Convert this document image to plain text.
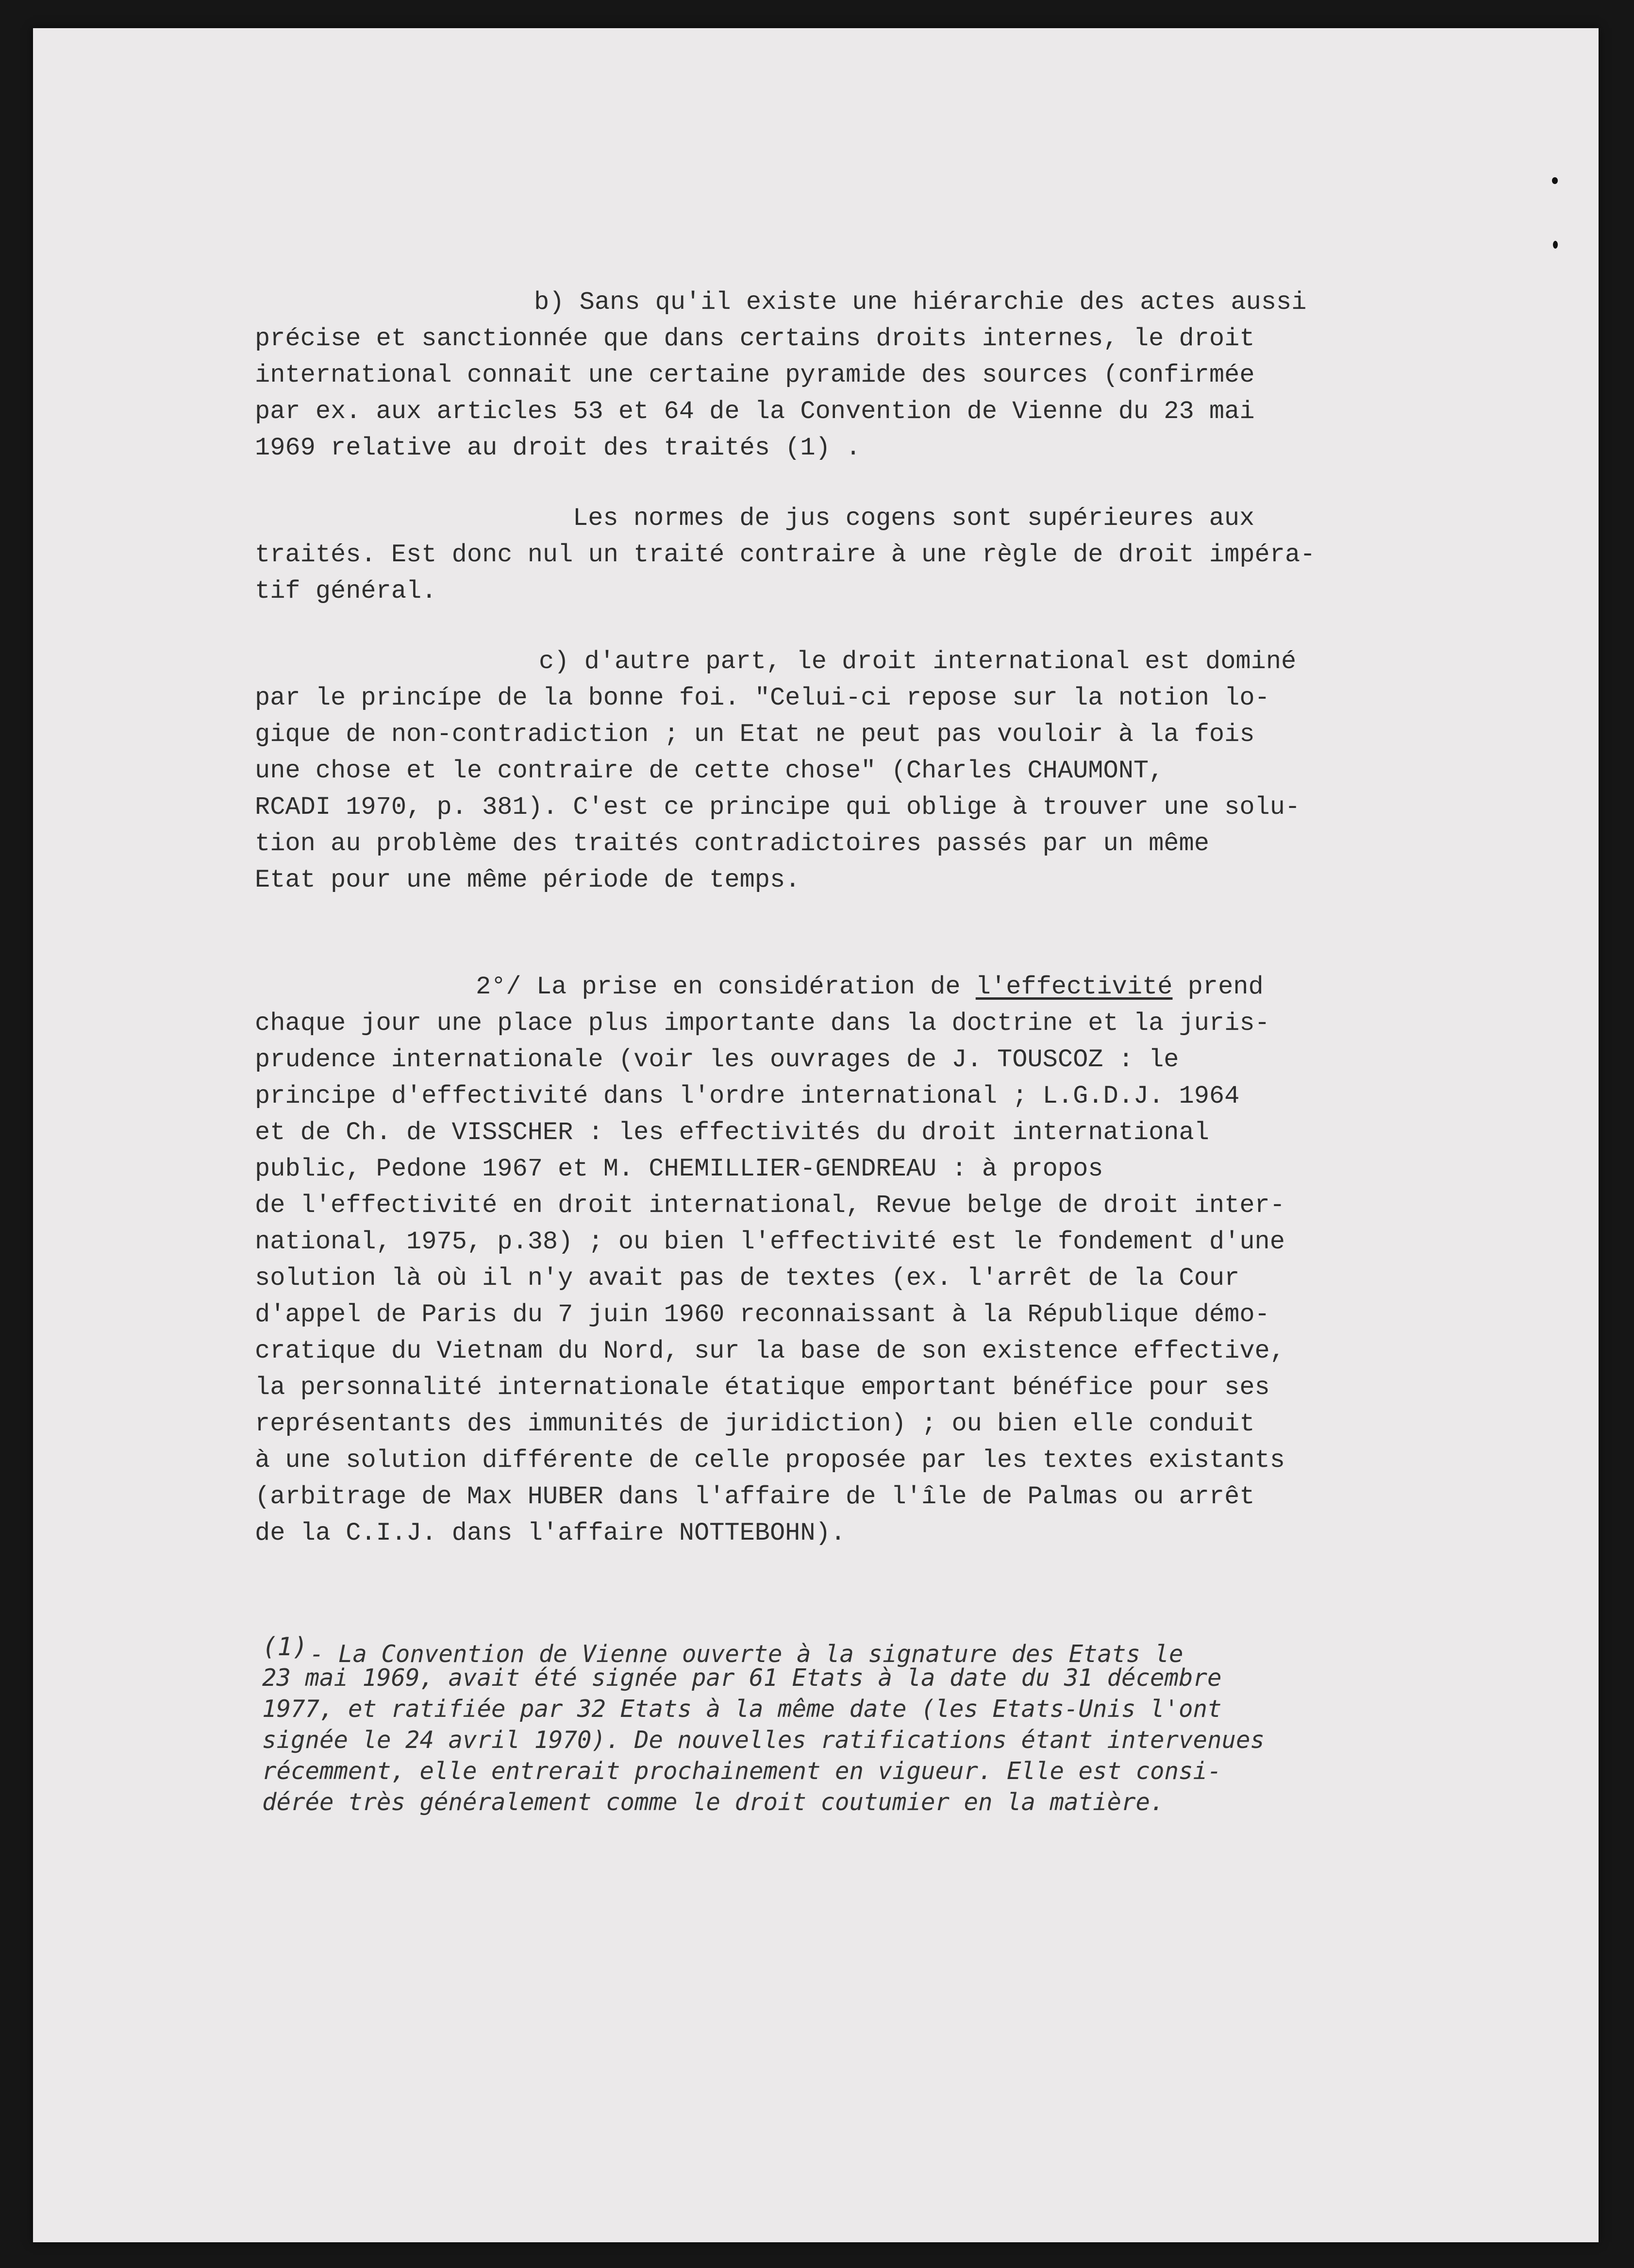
b) Sans qu'il existe une hiérarchie des actes aussi
précise et sanctionnée que dans certains droits internes, le droit
international connait une certaine pyramide des sources (confirmée
par ex. aux articles 53 et 64 de la Convention de Vienne du 23 mai
1969 relative au droit des traités (1) .
Les normes de jus cogens sont supérieures aux
traités. Est donc nul un traité contraire à une règle de droit impéra-
tif général.
c) d'autre part, le droit international est dominé
par le princípe de la bonne foi. "Celui-ci repose sur la notion lo-
gique de non-contradiction ; un Etat ne peut pas vouloir à la fois
une chose et le contraire de cette chose" (Charles CHAUMONT,
RCADI 1970, p. 381). C'est ce principe qui oblige à trouver une solu-
tion au problème des traités contradictoires passés par un même
Etat pour une même période de temps.
2°/ La prise en considération de l'effectivité prend
chaque jour une place plus importante dans la doctrine et la juris-
prudence internationale (voir les ouvrages de J. TOUSCOZ : le
principe d'effectivité dans l'ordre international ; L.G.D.J. 1964
et de Ch. de VISSCHER : les effectivités du droit international
public, Pedone 1967 et M. CHEMILLIER-GENDREAU : à propos
de l'effectivité en droit international, Revue belge de droit inter-
national, 1975, p.38) ; ou bien l'effectivité est le fondement d'une
solution là où il n'y avait pas de textes (ex. l'arrêt de la Cour
d'appel de Paris du 7 juin 1960 reconnaissant à la République démo-
cratique du Vietnam du Nord, sur la base de son existence effective,
la personnalité internationale étatique emportant bénéfice pour ses
représentants des immunités de juridiction) ; ou bien elle conduit
à une solution différente de celle proposée par les textes existants
(arbitrage de Max HUBER dans l'affaire de l'île de Palmas ou arrêt
de la C.I.J. dans l'affaire NOTTEBOHN).
(1)- La Convention de Vienne ouverte à la signature des Etats le
23 mai 1969, avait été signée par 61 Etats à la date du 31 décembre
1977, et ratifiée par 32 Etats à la même date (les Etats-Unis l'ont
signée le 24 avril 1970). De nouvelles ratifications étant intervenues
récemment, elle entrerait prochainement en vigueur. Elle est consi-
dérée très généralement comme le droit coutumier en la matière.
